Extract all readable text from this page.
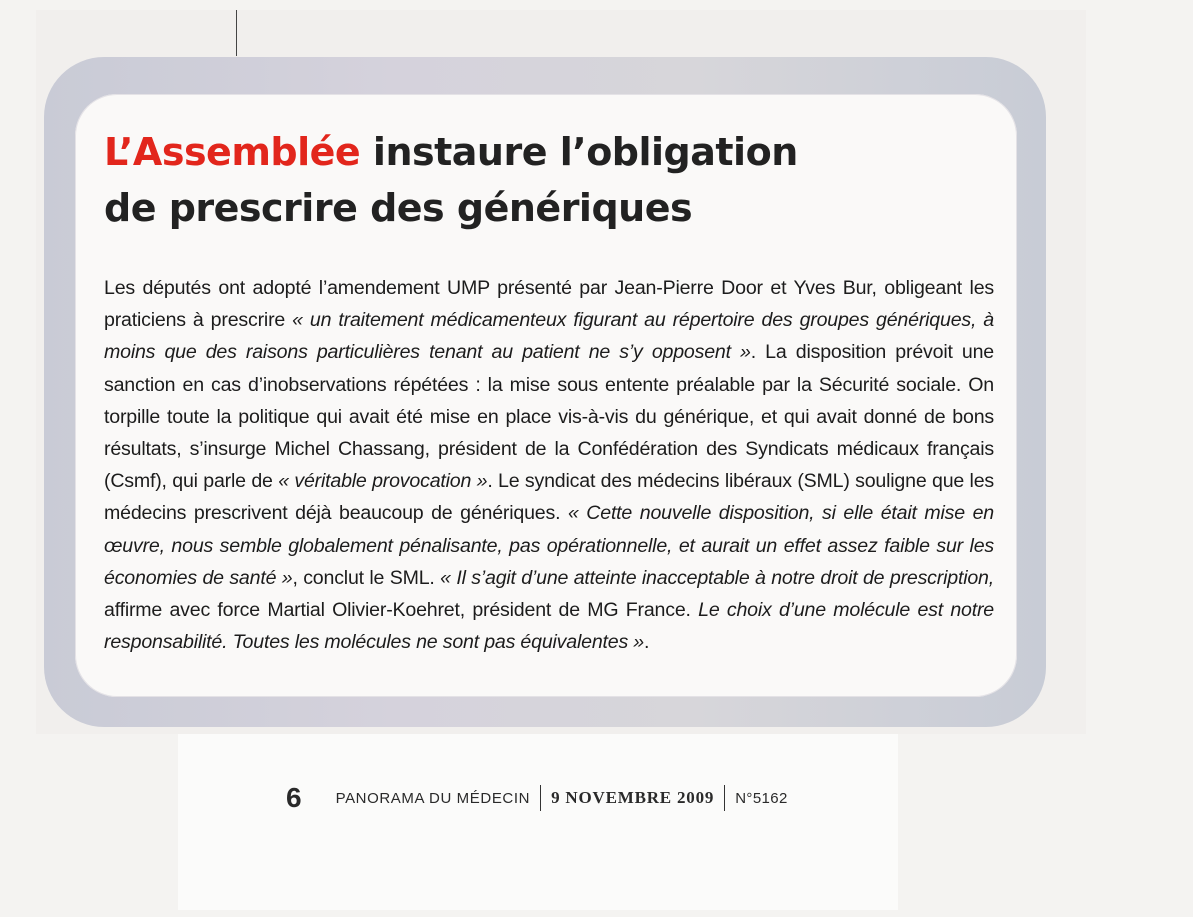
L’Assemblée instaure l’obligation
de prescrire des génériques

Les députés ont adopté l’amendement UMP présenté par Jean-Pierre Door et Yves Bur, obligeant les praticiens à prescrire « un traitement médicamenteux figurant au répertoire des groupes génériques, à moins que des raisons particulières tenant au patient ne s’y opposent ». La disposition prévoit une sanction en cas d’inobservations répétées : la mise sous entente préalable par la Sécurité sociale. On torpille toute la politique qui avait été mise en place vis-à-vis du générique, et qui avait donné de bons résultats, s’insurge Michel Chassang, président de la Confédération des Syndicats médicaux français (Csmf), qui parle de « véritable provocation ». Le syndicat des médecins libéraux (SML) souligne que les médecins prescrivent déjà beaucoup de génériques. « Cette nouvelle disposition, si elle était mise en œuvre, nous semble globalement pénalisante, pas opérationnelle, et aurait un effet assez faible sur les économies de santé », conclut le SML. « Il s’agit d’une atteinte inacceptable à notre droit de prescription, affirme avec force Martial Olivier-Koehret, président de MG France. Le choix d’une molécule est notre responsabilité. Toutes les molécules ne sont pas équivalentes ».

6 PANORAMA DU MÉDECIN 9 NOVEMBRE 2009 N°5162
